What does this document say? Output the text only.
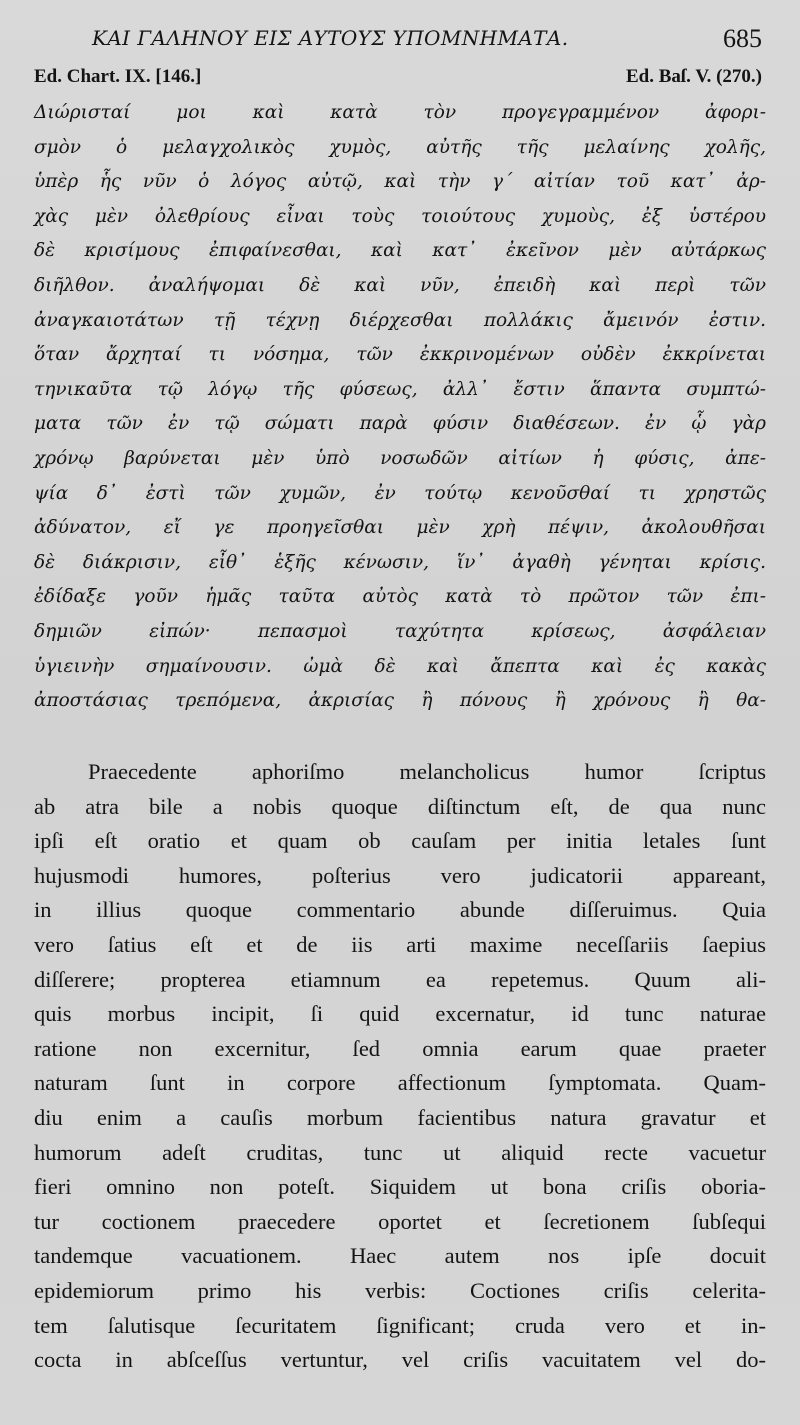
ΚΑΙ ΓΑΛΗΝΟΥ ΕΙΣ ΑΥΤΟΥΣ ΥΠΟΜΝΗΜΑΤΑ.	685
Ed. Chart. IX. [146.]	Ed. Baſ. V. (270.)
Διώρισταί μοι καὶ κατὰ τὸν προγεγραμμένον ἀφορι-
σμὸν ὁ μελαγχολικὸς χυμὸς, αὐτῆς τῆς μελαίνης χολῆς,
ὑπὲρ ἧς νῦν ὁ λόγος αὐτῷ, καὶ τὴν γ΄ αἰτίαν τοῦ κατ᾽ ἀρ-
χὰς μὲν ὀλεθρίους εἶναι τοὺς τοιούτους χυμοὺς, ἐξ ὑστέρου
δὲ κρισίμους ἐπιφαίνεσθαι, καὶ κατ᾽ ἐκεῖνον μὲν αὐτάρκως
διῆλθον. ἀναλήψομαι δὲ καὶ νῦν, ἐπειδὴ καὶ περὶ τῶν
ἀναγκαιοτάτων τῇ τέχνῃ διέρχεσθαι πολλάκις ἄμεινόν ἐστιν.
ὅταν ἄρχηταί τι νόσημα, τῶν ἐκκρινομένων οὐδὲν ἐκκρίνεται
τηνικαῦτα τῷ λόγῳ τῆς φύσεως, ἀλλ᾽ ἔστιν ἅπαντα συμπτώ-
ματα τῶν ἐν τῷ σώματι παρὰ φύσιν διαθέσεων. ἐν ᾧ γὰρ
χρόνῳ βαρύνεται μὲν ὑπὸ νοσωδῶν αἰτίων ἡ φύσις, ἀπε-
ψία δ᾽ ἐστὶ τῶν χυμῶν, ἐν τούτῳ κενοῦσθαί τι χρηστῶς
ἀδύνατον, εἴ γε προηγεῖσθαι μὲν χρὴ πέψιν, ἀκολουθῆσαι
δὲ διάκρισιν, εἶθ᾽ ἑξῆς κένωσιν, ἵν᾽ ἀγαθὴ γένηται κρίσις.
ἐδίδαξε γοῦν ἡμᾶς ταῦτα αὐτὸς κατὰ τὸ πρῶτον τῶν ἐπι-
δημιῶν εἰπών· πεπασμοὶ ταχύτητα κρίσεως, ἀσφάλειαν
ὑγιεινὴν σημαίνουσιν. ὠμὰ δὲ καὶ ἄπεπτα καὶ ἐς κακὰς
ἀποστάσιας τρεπόμενα, ἀκρισίας ἢ πόνους ἢ χρόνους ἢ θα-
Praecedente aphoriſmo melancholicus humor ſcriptus
ab atra bile a nobis quoque diſtinctum eſt, de qua nunc
ipſi eſt oratio et quam ob cauſam per initia letales ſunt
hujusmodi humores, poſterius vero judicatorii appareant,
in illius quoque commentario abunde diſſeruimus. Quia
vero ſatius eſt et de iis arti maxime neceſſariis ſaepius
diſſerere; propterea etiamnum ea repetemus. Quum ali-
quis morbus incipit, ſi quid excernatur, id tunc naturae
ratione non excernitur, ſed omnia earum quae praeter
naturam ſunt in corpore affectionum ſymptomata. Quam-
diu enim a cauſis morbum facientibus natura gravatur et
humorum adeſt cruditas, tunc ut aliquid recte vacuetur
fieri omnino non poteſt. Siquidem ut bona criſis oboria-
tur coctionem praecedere oportet et ſecretionem ſubſequi
tandemque vacuationem. Haec autem nos ipſe docuit
epidemiorum primo his verbis: Coctiones criſis celerita-
tem ſalutisque ſecuritatem ſignificant; cruda vero et in-
cocta in abſceſſus vertuntur, vel criſis vacuitatem vel do-
